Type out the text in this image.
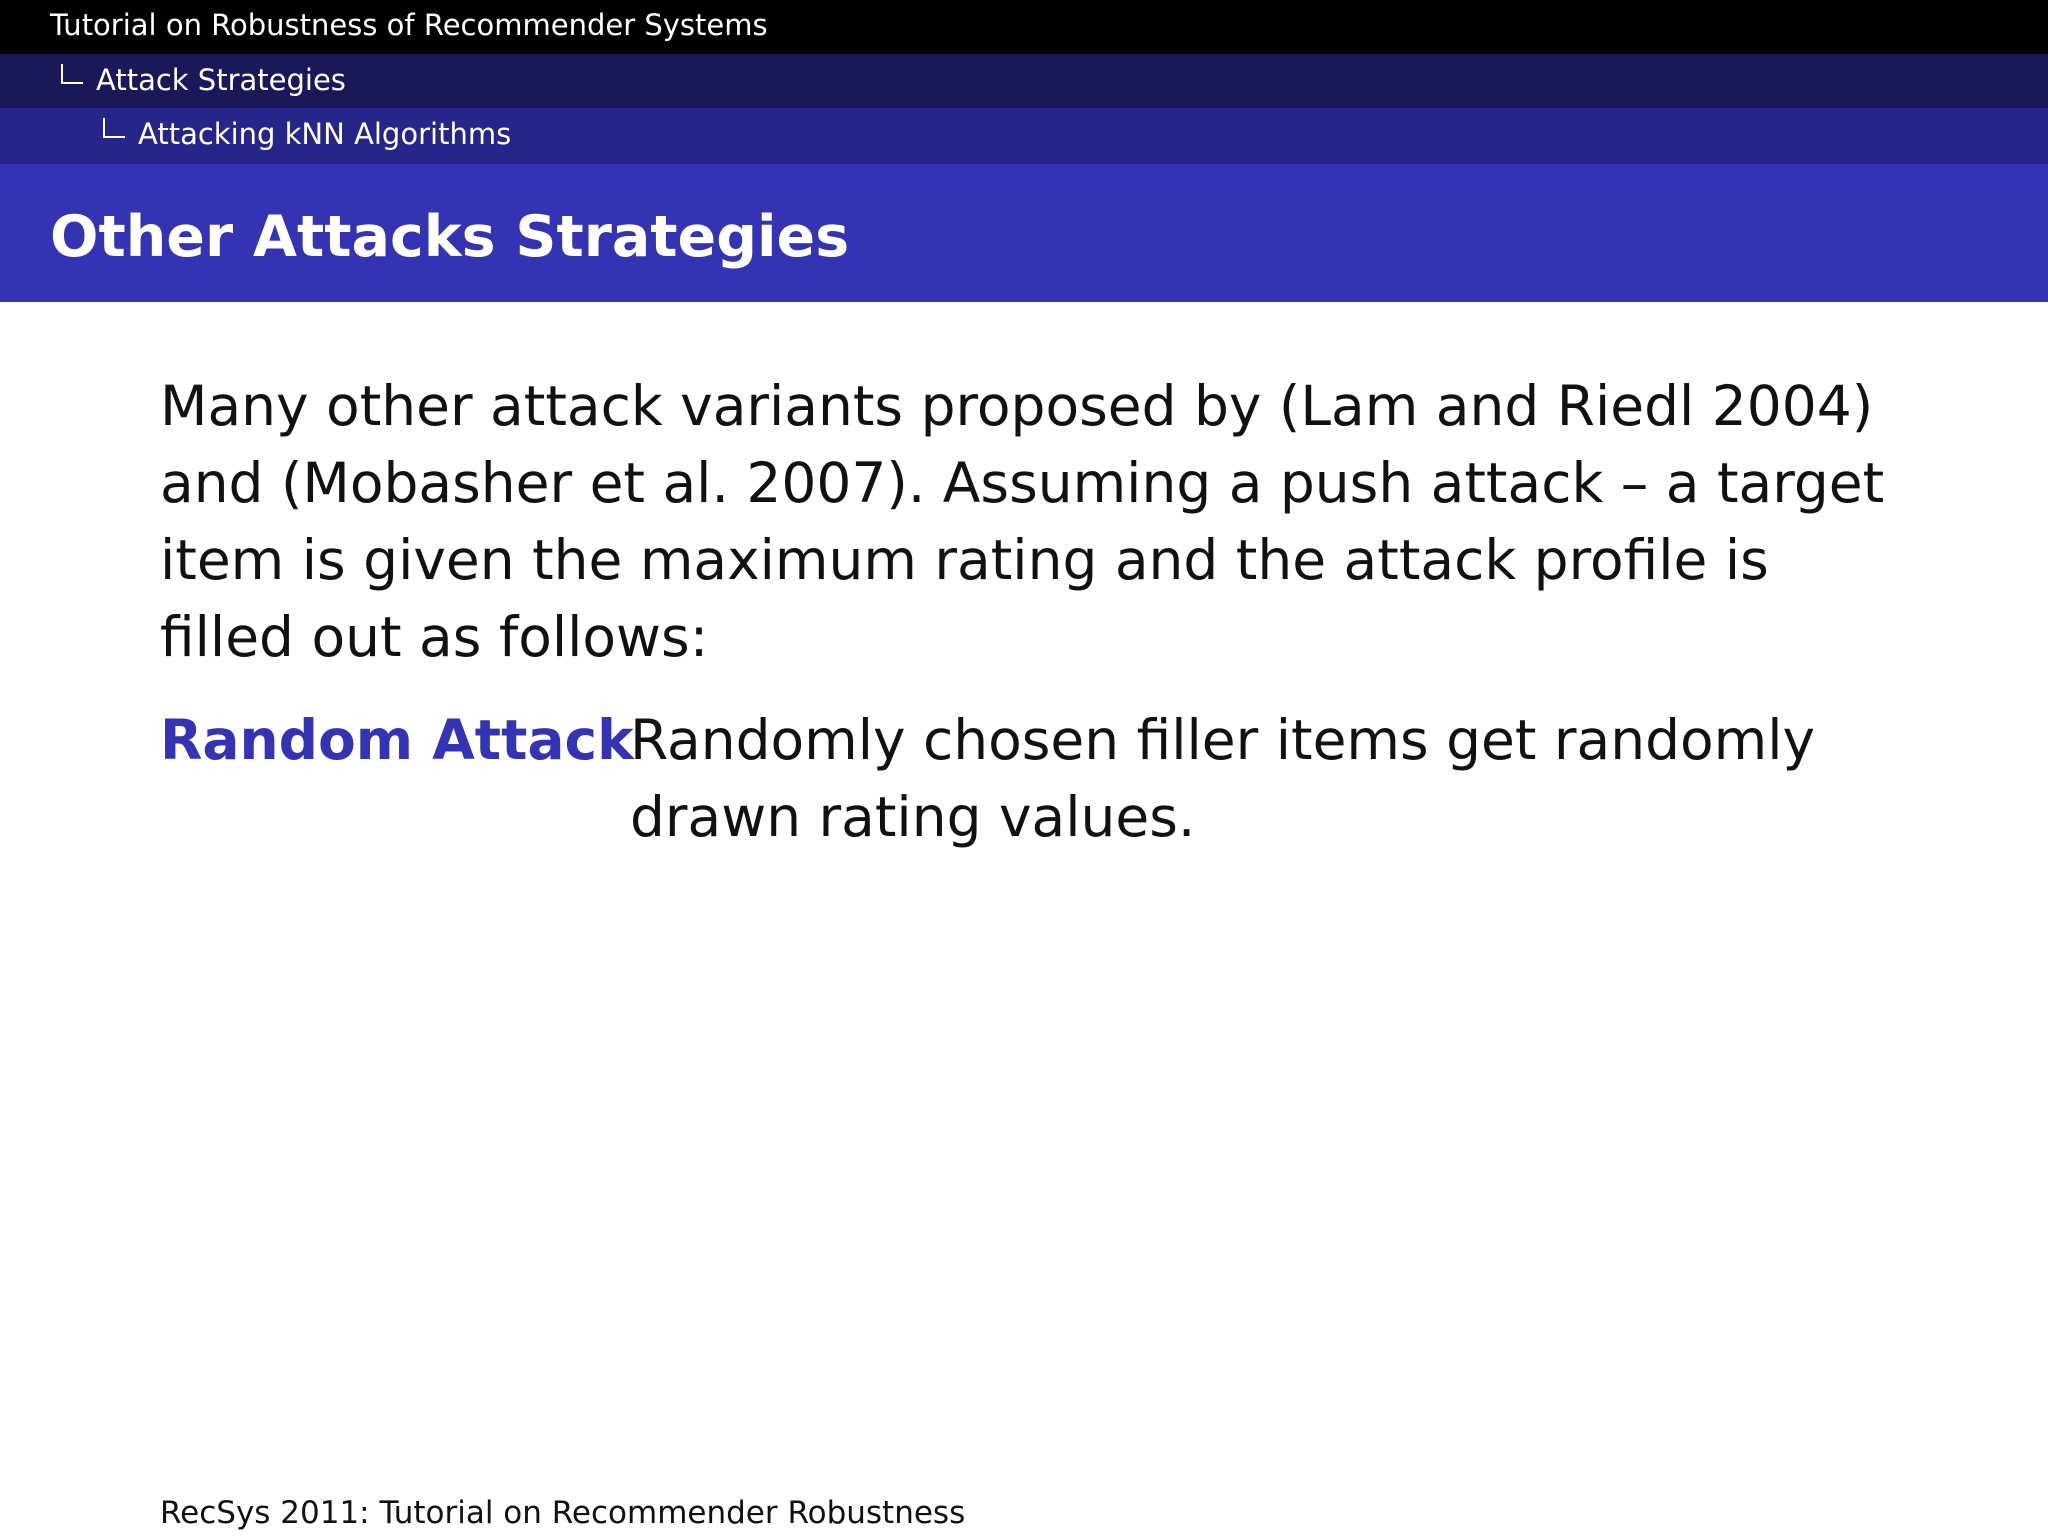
Tutorial on Robustness of Recommender Systems
Attack Strategies
Attacking kNN Algorithms
Other Attacks Strategies

Many other attack variants proposed by (Lam and Riedl 2004) and (Mobasher et al. 2007). Assuming a push attack – a target item is given the maximum rating and the attack profile is filled out as follows:

Random Attack
Randomly chosen filler items get randomly drawn rating values.
RecSys 2011: Tutorial on Recommender Robustness
